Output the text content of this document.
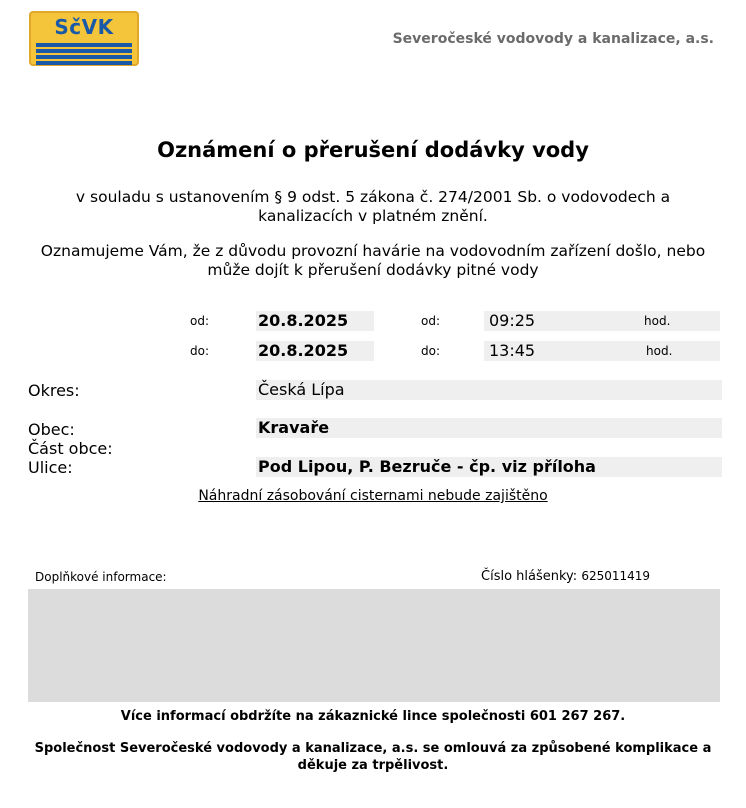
SčVK	Severočeské vodovody a kanalizace, a.s.
Oznámení o přerušení dodávky vody
v souladu s ustanovením § 9 odst. 5 zákona č. 274/2001 Sb. o vodovodech a kanalizacích v platném znění.
Oznamujeme Vám, že z důvodu provozní havárie na vodovodním zařízení došlo, nebo může dojít k přerušení dodávky pitné vody
od:	20.8.2025	od:	09:25	hod.
do:	20.8.2025	do:	13:45	hod.
Okres:	Česká Lípa
Obec:	Kravaře
Část obce:
Ulice:	Pod Lipou, P. Bezruče - čp. viz příloha
Náhradní zásobování cisternami nebude zajištěno
Doplňkové informace:	Číslo hlášenky: 625011419
Více informací obdržíte na zákaznické lince společnosti 601 267 267.
Společnost Severočeské vodovody a kanalizace, a.s. se omlouvá za způsobené komplikace a děkuje za trpělivost.
